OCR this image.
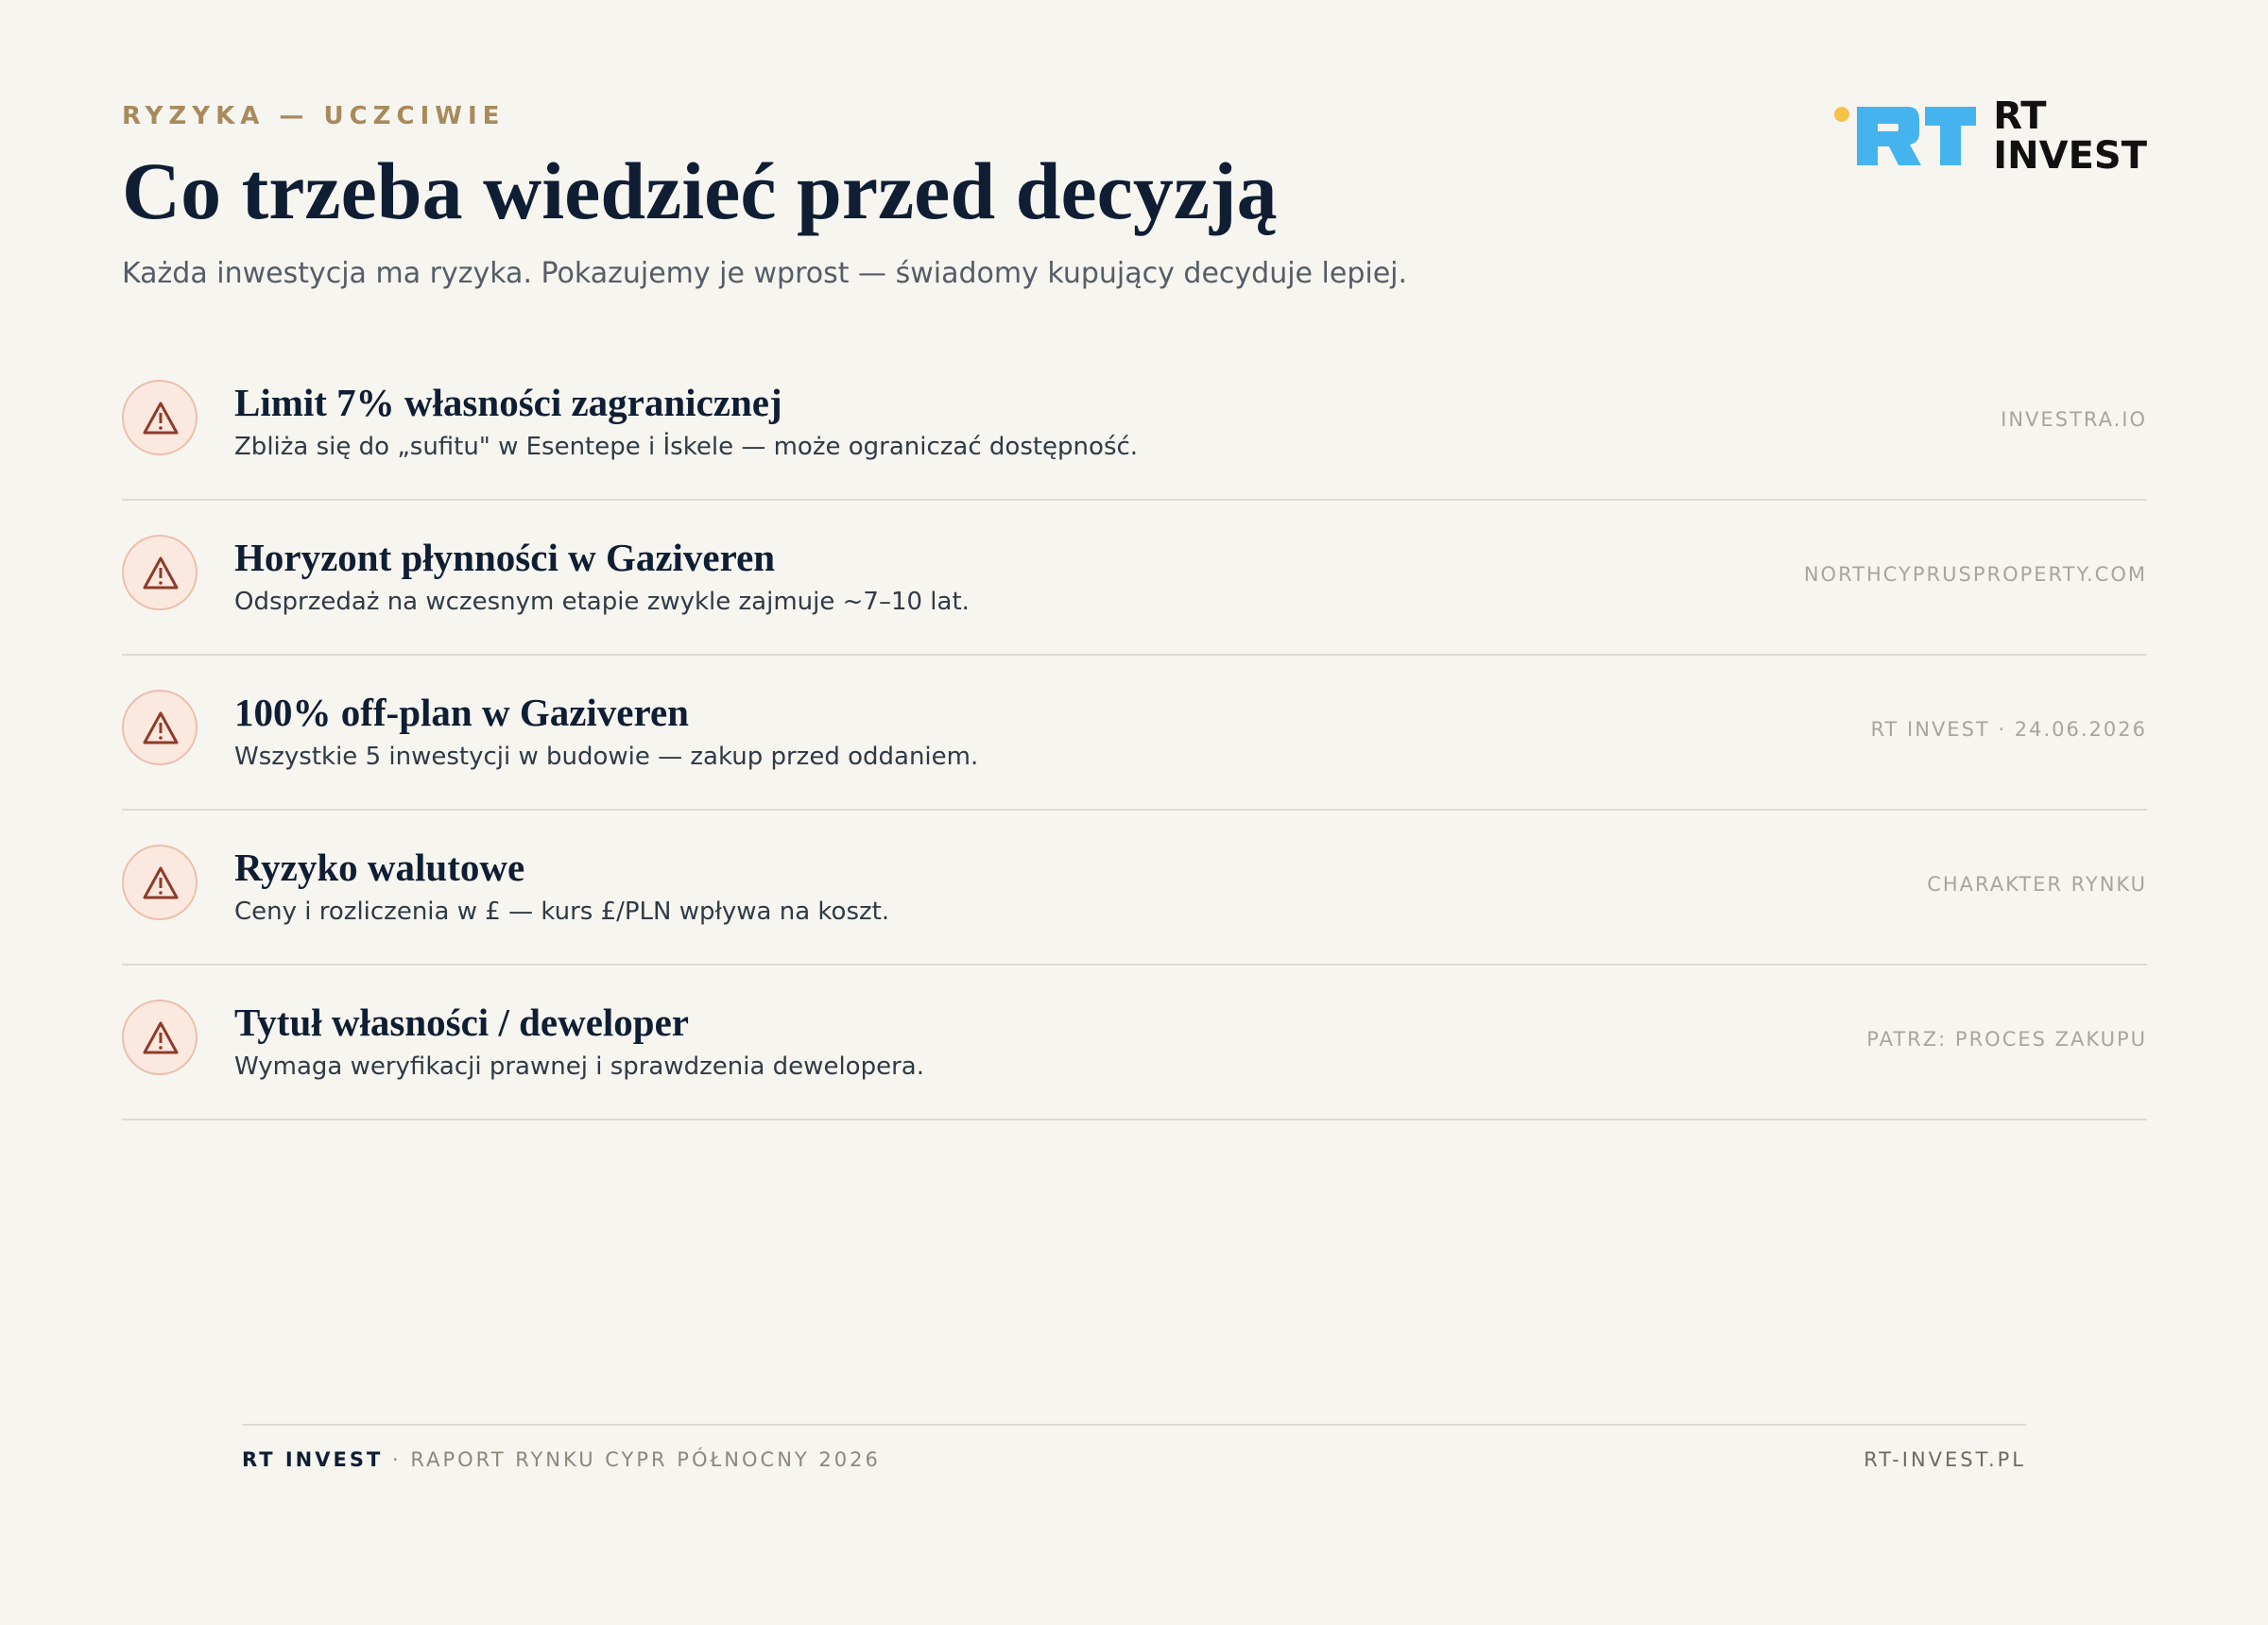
RYZYKA — UCZCIWIE
Co trzeba wiedzieć przed decyzją
Każda inwestycja ma ryzyka. Pokazujemy je wprost — świadomy kupujący decyduje lepiej.
RT
INVEST
Limit 7% własności zagranicznej
Zbliża się do „sufitu" w Esentepe i İskele — może ograniczać dostępność.
INVESTRA.IO
Horyzont płynności w Gaziveren
Odsprzedaż na wczesnym etapie zwykle zajmuje ~7–10 lat.
NORTHCYPRUSPROPERTY.COM
100% off-plan w Gaziveren
Wszystkie 5 inwestycji w budowie — zakup przed oddaniem.
RT INVEST · 24.06.2026
Ryzyko walutowe
Ceny i rozliczenia w £ — kurs £/PLN wpływa na koszt.
CHARAKTER RYNKU
Tytuł własności / deweloper
Wymaga weryfikacji prawnej i sprawdzenia dewelopera.
PATRZ: PROCES ZAKUPU
RT INVEST · RAPORT RYNKU CYPR PÓŁNOCNY 2026	RT-INVEST.PL
